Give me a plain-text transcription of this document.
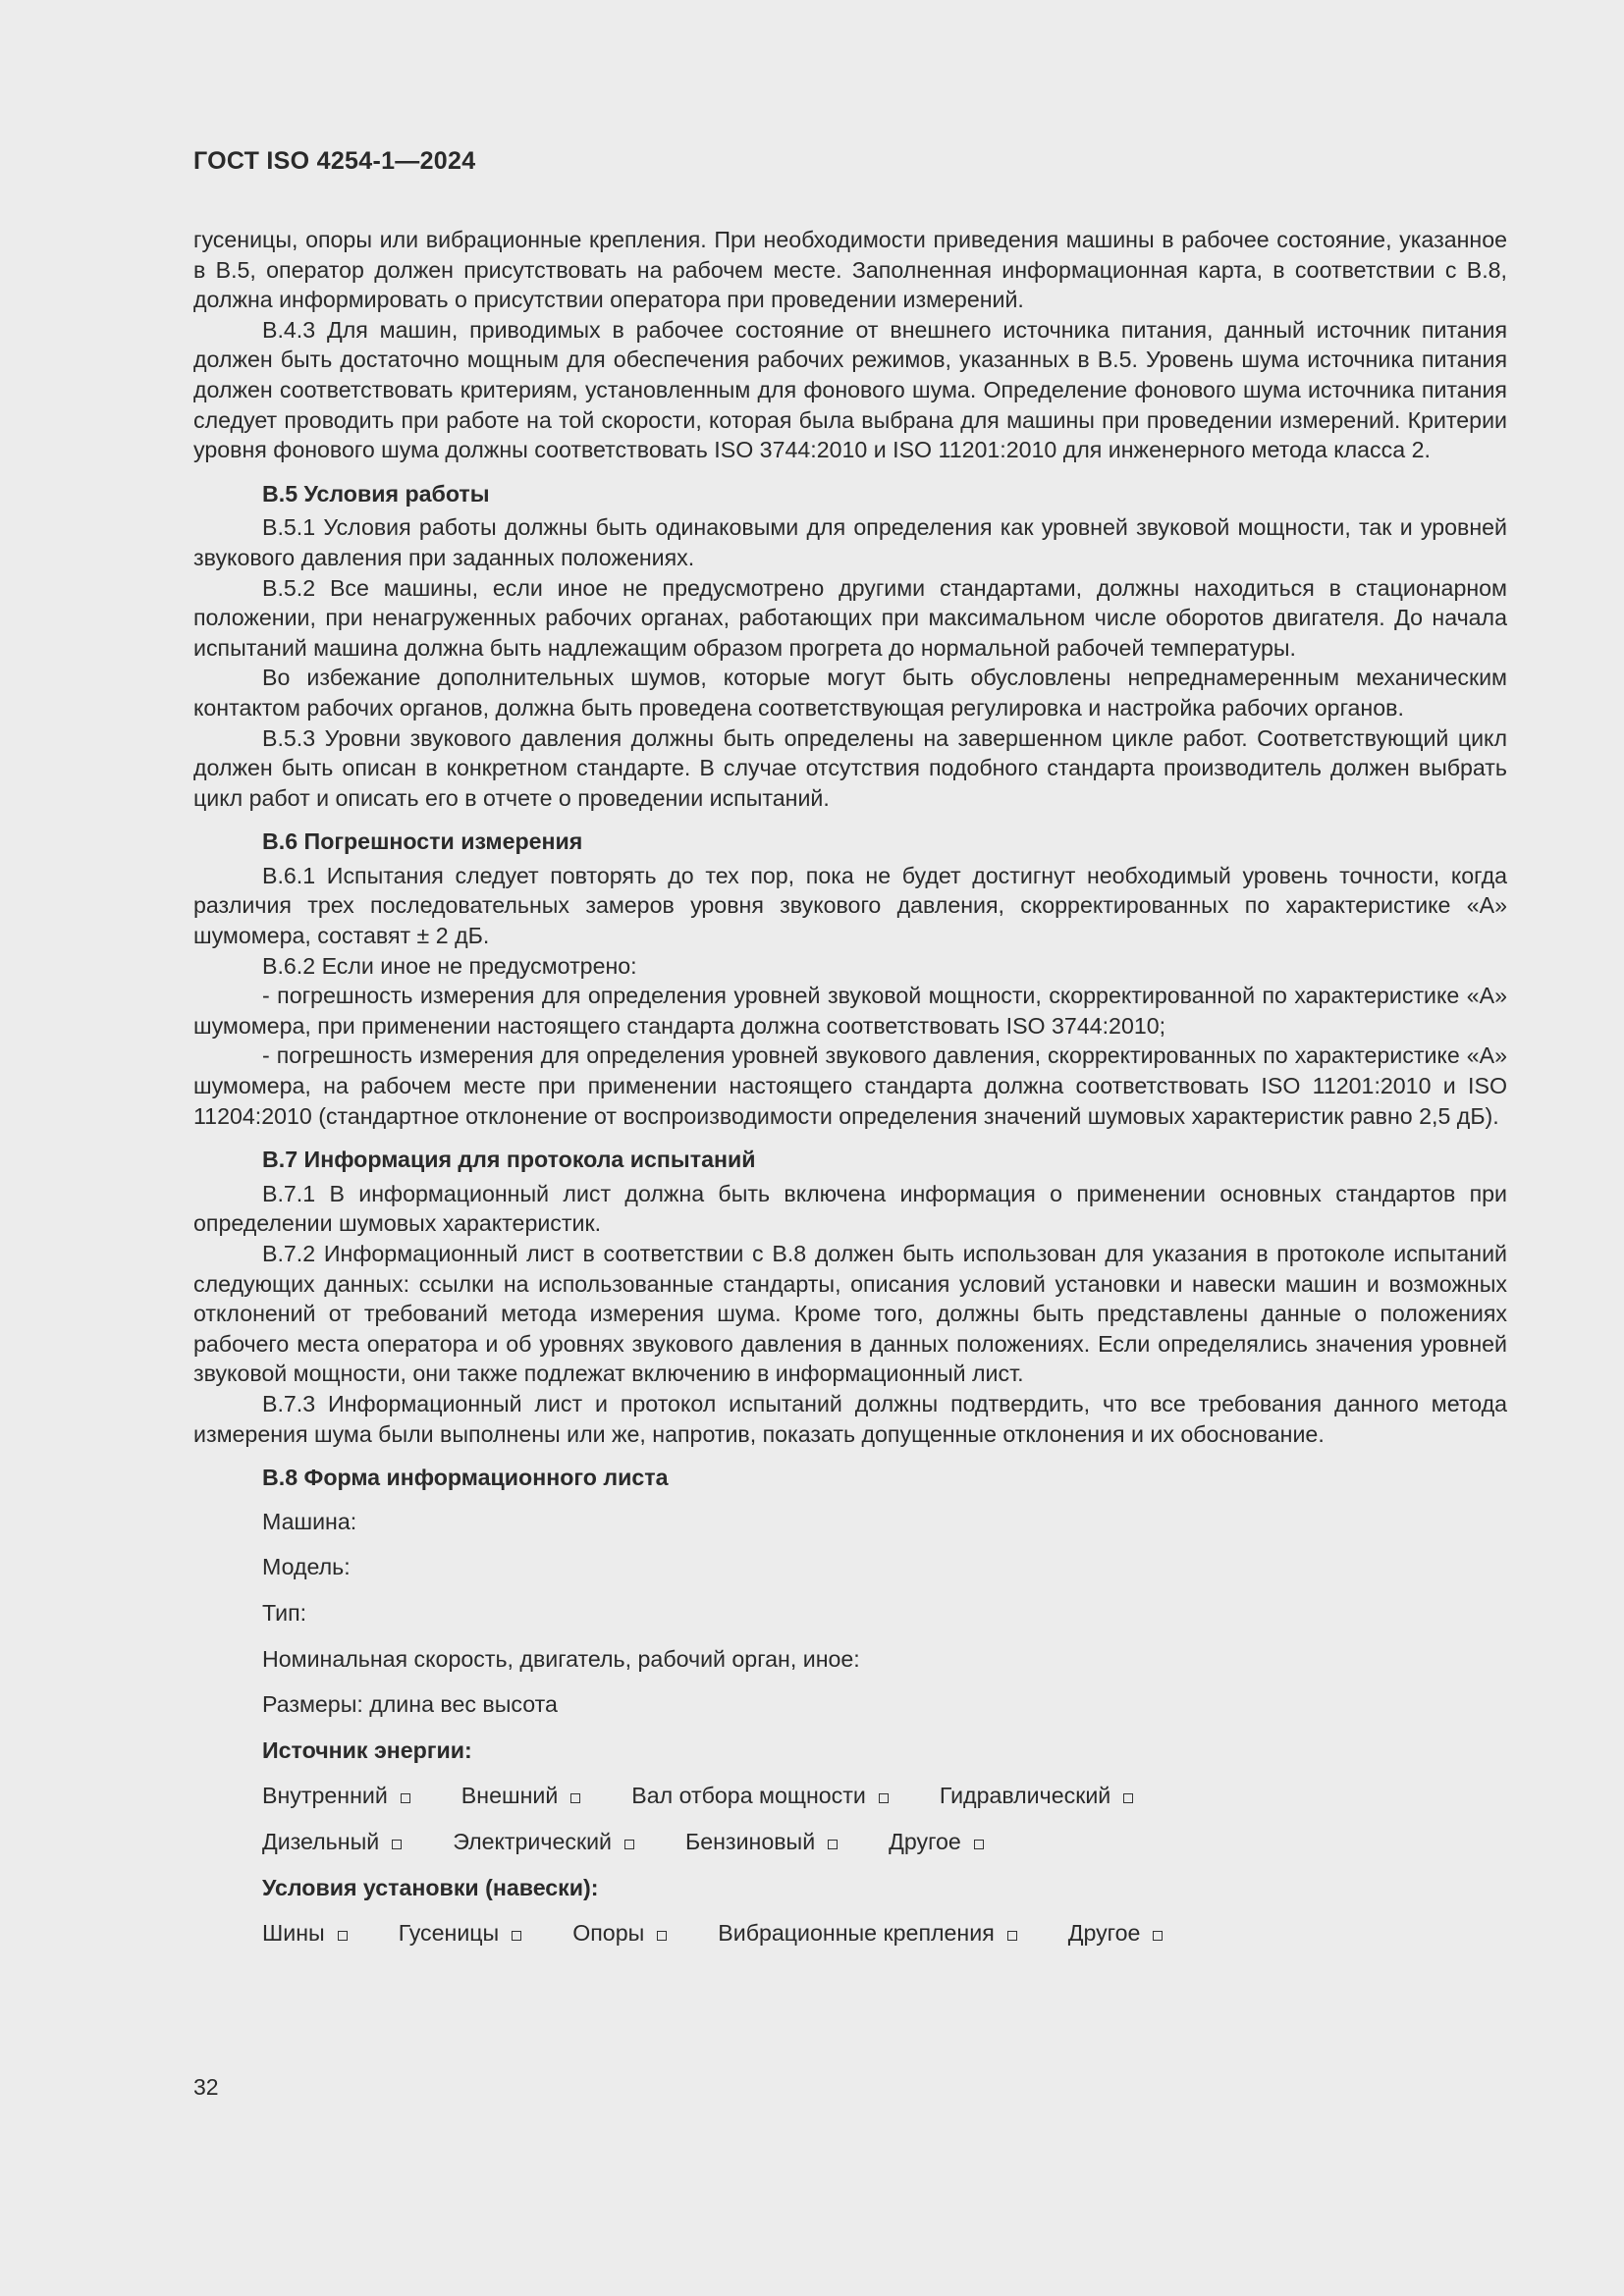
ГОСТ ISO 4254-1—2024

гусеницы, опоры или вибрационные крепления. При необходимости приведения машины в рабочее состояние, указанное в В.5, оператор должен присутствовать на рабочем месте. Заполненная информационная карта, в соответствии с В.8, должна информировать о присутствии оператора при проведении измерений.

В.4.3 Для машин, приводимых в рабочее состояние от внешнего источника питания, данный источник питания должен быть достаточно мощным для обеспечения рабочих режимов, указанных в В.5. Уровень шума источника питания должен соответствовать критериям, установленным для фонового шума. Определение фонового шума источника питания следует проводить при работе на той скорости, которая была выбрана для машины при проведении измерений. Критерии уровня фонового шума должны соответствовать ISO 3744:2010 и ISO 11201:2010 для инженерного метода класса 2.

В.5 Условия работы

В.5.1 Условия работы должны быть одинаковыми для определения как уровней звуковой мощности, так и уровней звукового давления при заданных положениях.

В.5.2 Все машины, если иное не предусмотрено другими стандартами, должны находиться в стационарном положении, при ненагруженных рабочих органах, работающих при максимальном числе оборотов двигателя. До начала испытаний машина должна быть надлежащим образом прогрета до нормальной рабочей температуры.

Во избежание дополнительных шумов, которые могут быть обусловлены непреднамеренным механическим контактом рабочих органов, должна быть проведена соответствующая регулировка и настройка рабочих органов.

В.5.3 Уровни звукового давления должны быть определены на завершенном цикле работ. Соответствующий цикл должен быть описан в конкретном стандарте. В случае отсутствия подобного стандарта производитель должен выбрать цикл работ и описать его в отчете о проведении испытаний.

В.6 Погрешности измерения

В.6.1 Испытания следует повторять до тех пор, пока не будет достигнут необходимый уровень точности, когда различия трех последовательных замеров уровня звукового давления, скорректированных по характеристике «А» шумомера, составят ± 2 дБ.

В.6.2 Если иное не предусмотрено:

- погрешность измерения для определения уровней звуковой мощности, скорректированной по характеристике «А» шумомера, при применении настоящего стандарта должна соответствовать ISO 3744:2010;

- погрешность измерения для определения уровней звукового давления, скорректированных по характеристике «А» шумомера, на рабочем месте при применении настоящего стандарта должна соответствовать ISO 11201:2010 и ISO 11204:2010 (стандартное отклонение от воспроизводимости определения значений шумовых характеристик равно 2,5 дБ).

В.7 Информация для протокола испытаний

В.7.1 В информационный лист должна быть включена информация о применении основных стандартов при определении шумовых характеристик.

В.7.2 Информационный лист в соответствии с В.8 должен быть использован для указания в протоколе испытаний следующих данных: ссылки на использованные стандарты, описания условий установки и навески машин и возможных отклонений от требований метода измерения шума. Кроме того, должны быть представлены данные о положениях рабочего места оператора и об уровнях звукового давления в данных положениях. Если определялись значения уровней звуковой мощности, они также подлежат включению в информационный лист.

В.7.3 Информационный лист и протокол испытаний должны подтвердить, что все требования данного метода измерения шума были выполнены или же, напротив, показать допущенные отклонения и их обоснование.

В.8 Форма информационного листа
Машина:
Модель:
Тип:
Номинальная скорость, двигатель, рабочий орган, иное:
Размеры: длина вес высота
Источник энергии:
Внутренний	Внешний	Вал отбора мощности	Гидравлический
Дизельный	Электрический	Бензиновый	Другое
Условия установки (навески):
Шины	Гусеницы	Опоры	Вибрационные крепления	Другое
32
